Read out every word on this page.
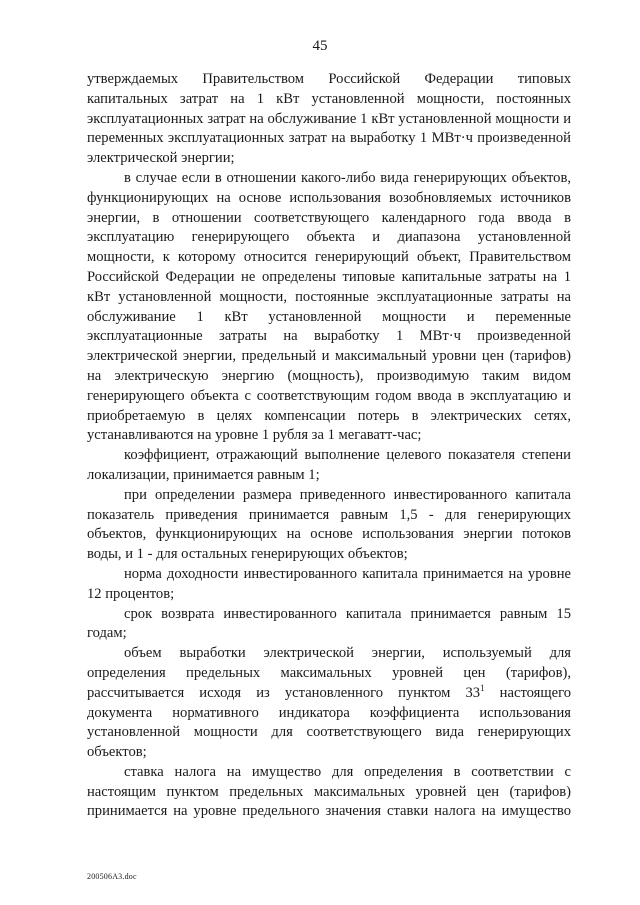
45

утверждаемых Правительством Российской Федерации типовых капитальных затрат на 1 кВт установленной мощности, постоянных эксплуатационных затрат на обслуживание 1 кВт установленной мощности и переменных эксплуатационных затрат на выработку 1 МВт·ч произведенной электрической энергии;

в случае если в отношении какого-либо вида генерирующих объектов, функционирующих на основе использования возобновляемых источников энергии, в отношении соответствующего календарного года ввода в эксплуатацию генерирующего объекта и диапазона установленной мощности, к которому относится генерирующий объект, Правительством Российской Федерации не определены типовые капитальные затраты на 1 кВт установленной мощности, постоянные эксплуатационные затраты на обслуживание 1 кВт установленной мощности и переменные эксплуатационные затраты на выработку 1 МВт·ч произведенной электрической энергии, предельный и максимальный уровни цен (тарифов) на электрическую энергию (мощность), производимую таким видом генерирующего объекта с соответствующим годом ввода в эксплуатацию и приобретаемую в целях компенсации потерь в электрических сетях, устанавливаются на уровне 1 рубля за 1 мегаватт-час;

коэффициент, отражающий выполнение целевого показателя степени локализации, принимается равным 1;

при определении размера приведенного инвестированного капитала показатель приведения принимается равным 1,5 - для генерирующих объектов, функционирующих на основе использования энергии потоков воды, и 1 - для остальных генерирующих объектов;

норма доходности инвестированного капитала принимается на уровне 12 процентов;

срок возврата инвестированного капитала принимается равным 15 годам;

объем выработки электрической энергии, используемый для определения предельных максимальных уровней цен (тарифов), рассчитывается исходя из установленного пунктом $33^1$ настоящего документа нормативного индикатора коэффициента использования установленной мощности для соответствующего вида генерирующих объектов;

ставка налога на имущество для определения в соответствии с настоящим пунктом предельных максимальных уровней цен (тарифов) принимается на уровне предельного значения ставки налога на имущество

200506A3.doc
